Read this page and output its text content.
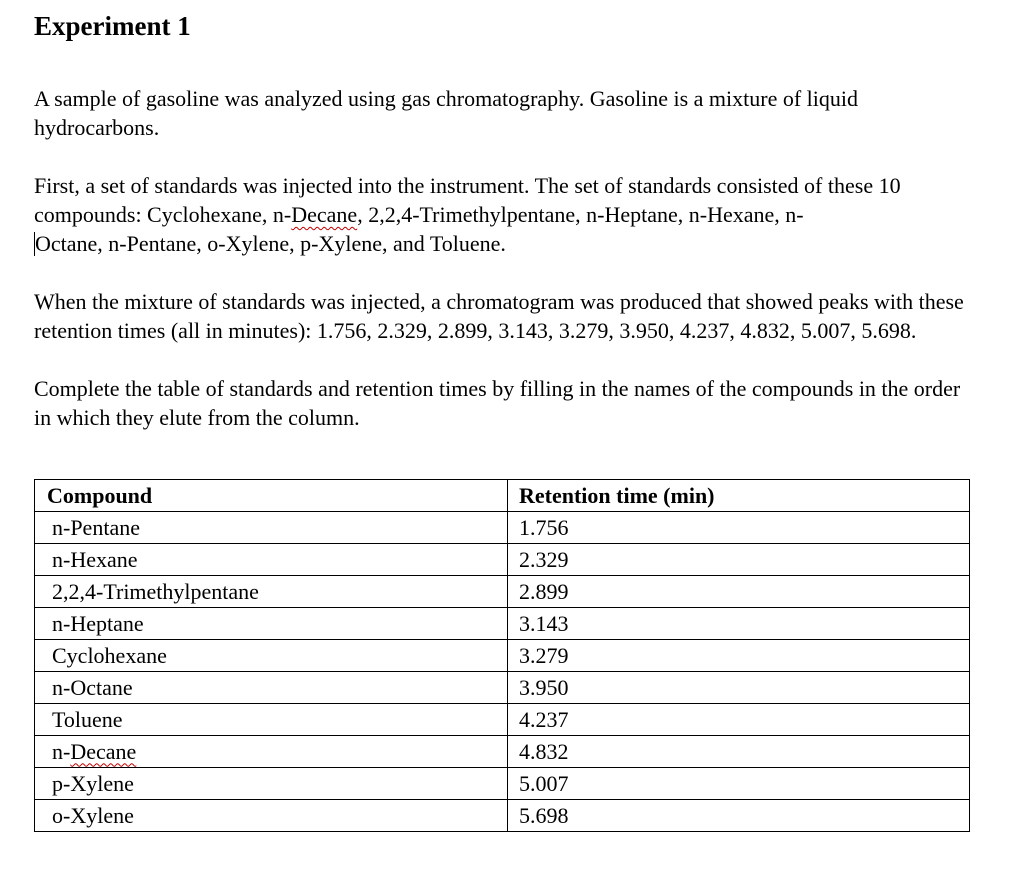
Experiment 1

A sample of gasoline was analyzed using gas chromatography. Gasoline is a mixture of liquid hydrocarbons.

First, a set of standards was injected into the instrument. The set of standards consisted of these 10 compounds: Cyclohexane, n-Decane, 2,2,4-Trimethylpentane, n-Heptane, n-Hexane, n-
Octane, n-Pentane, o-Xylene, p-Xylene, and Toluene.

When the mixture of standards was injected, a chromatogram was produced that showed peaks with these retention times (all in minutes): 1.756, 2.329, 2.899, 3.143, 3.279, 3.950, 4.237, 4.832, 5.007, 5.698.

Complete the table of standards and retention times by filling in the names of the compounds in the order in which they elute from the column.

Compound	Retention time (min)
n-Pentane	1.756
n-Hexane	2.329
2,2,4-Trimethylpentane	2.899
n-Heptane	3.143
Cyclohexane	3.279
n-Octane	3.950
Toluene	4.237
n-Decane	4.832
p-Xylene	5.007
o-Xylene	5.698
